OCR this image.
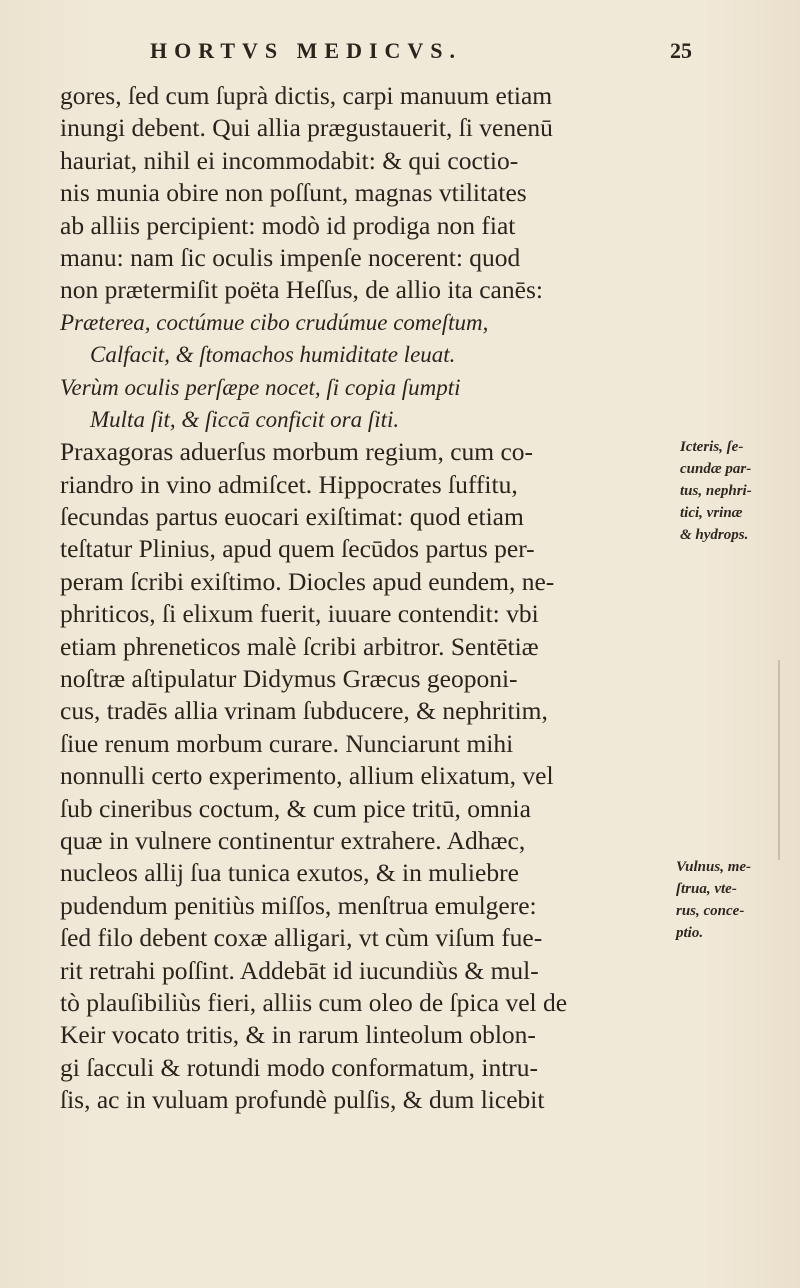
HORTVS MEDICVS.	25
gores, ſed cum ſuprà dictis, carpi manuum etiam
inungi debent. Qui allia prægustauerit, ſi venenū
hauriat, nihil ei incommodabit: & qui coctio-
nis munia obire non poſſunt, magnas vtilitates
ab alliis percipient: modò id prodiga non fiat
manu: nam ſic oculis impenſe nocerent: quod
non prætermiſit poëta Heſſus, de allio ita canēs:
Præterea, coctúmue cibo crudúmue comeſtum,
Calfacit, & ſtomachos humiditate leuat.
Verùm oculis perſæpe nocet, ſi copia ſumpti
Multa ſit, & ſiccā conficit ora ſiti.
Praxagoras aduerſus morbum regium, cum co-
riandro in vino admiſcet. Hippocrates ſuffitu,
ſecundas partus euocari exiſtimat: quod etiam
teſtatur Plinius, apud quem ſecūdos partus per-
peram ſcribi exiſtimo. Diocles apud eundem, ne-
phriticos, ſi elixum fuerit, iuuare contendit: vbi
etiam phreneticos malè ſcribi arbitror. Sentētiæ
noſtræ aſtipulatur Didymus Græcus geoponi-
cus, tradēs allia vrinam ſubducere, & nephritim,
ſiue renum morbum curare. Nunciarunt mihi
nonnulli certo experimento, allium elixatum, vel
ſub cineribus coctum, & cum pice tritū, omnia
quæ in vulnere continentur extrahere. Adhæc,
nucleos allij ſua tunica exutos, & in muliebre
pudendum penitiùs miſſos, menſtrua emulgere:
ſed filo debent coxæ alligari, vt cùm viſum fue-
rit retrahi poſſint. Addebāt id iucundiùs & mul-
tò plauſibiliùs fieri, alliis cum oleo de ſpica vel de
Keir vocato tritis, & in rarum linteolum oblon-
gi ſacculi & rotundi modo conformatum, intru-
ſis, ac in vuluam profundè pulſis, & dum licebit
Icteris, ſe-
cundæ par-
tus, nephri-
tici, vrinæ
& hydrops.
Vulnus, me-
ſtrua, vte-
rus, conce-
ptio.
